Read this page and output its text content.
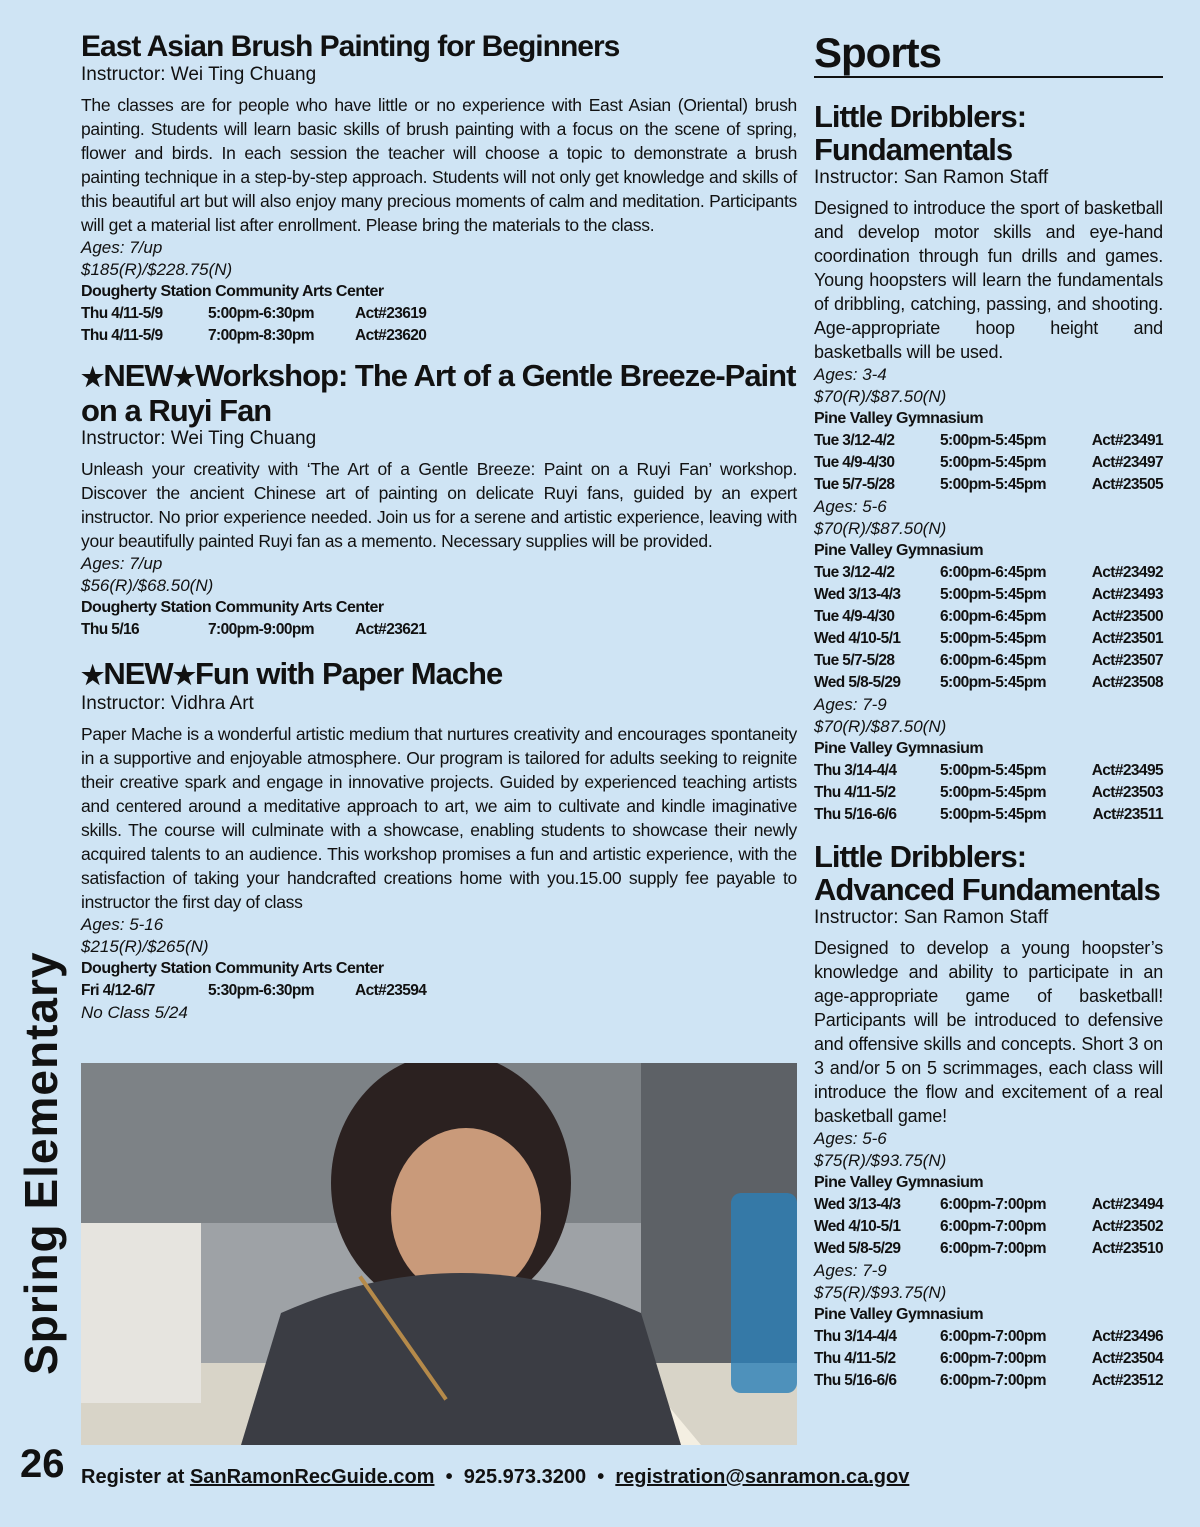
East Asian Brush Painting for Beginners

Instructor: Wei Ting Chuang

The classes are for people who have little or no experience with East Asian (Oriental) brush painting. Students will learn basic skills of brush painting with a focus on the scene of spring, flower and birds. In each session the teacher will choose a topic to demonstrate a brush painting technique in a step-by-step approach. Students will not only get knowledge and skills of this beautiful art but will also enjoy many precious moments of calm and meditation. Participants will get a material list after enrollment. Please bring the materials to the class.

Ages: 7/up

$185(R)/$228.75(N)

Dougherty Station Community Arts Center

Thu 4/11-5/9	5:00pm-6:30pm	Act#23619
Thu 4/11-5/9	7:00pm-8:30pm	Act#23620
★NEW★Workshop: The Art of a Gentle Breeze-Paint on a Ruyi Fan

Instructor: Wei Ting Chuang

Unleash your creativity with ‘The Art of a Gentle Breeze: Paint on a Ruyi Fan’ workshop. Discover the ancient Chinese art of painting on delicate Ruyi fans, guided by an expert instructor. No prior experience needed. Join us for a serene and artistic experience, leaving with your beautifully painted Ruyi fan as a memento. Necessary supplies will be provided.

Ages: 7/up

$56(R)/$68.50(N)

Dougherty Station Community Arts Center

Thu 5/16	7:00pm-9:00pm	Act#23621
★NEW★Fun with Paper Mache

Instructor: Vidhra Art

Paper Mache is a wonderful artistic medium that nurtures creativity and encourages spontaneity in a supportive and enjoyable atmosphere. Our program is tailored for adults seeking to reignite their creative spark and engage in innovative projects. Guided by experienced teaching artists and centered around a meditative approach to art, we aim to cultivate and kindle imaginative skills. The course will culminate with a showcase, enabling students to showcase their newly acquired talents to an audience. This workshop promises a fun and artistic experience, with the satisfaction of taking your handcrafted creations home with you.15.00 supply fee payable to instructor the first day of class

Ages: 5-16

$215(R)/$265(N)

Dougherty Station Community Arts Center

Fri 4/12-6/7	5:30pm-6:30pm	Act#23594

No Class 5/24

Sports
Little Dribblers: Fundamentals

Instructor: San Ramon Staff

Designed to introduce the sport of basketball and develop motor skills and eye-hand coordination through fun drills and games. Young hoopsters will learn the fundamentals of dribbling, catching, passing, and shooting. Age-appropriate hoop height and basketballs will be used.

Ages: 3-4

$70(R)/$87.50(N)

Pine Valley Gymnasium

Tue 3/12-4/2	5:00pm-5:45pm	Act#23491
Tue 4/9-4/30	5:00pm-5:45pm	Act#23497
Tue 5/7-5/28	5:00pm-5:45pm	Act#23505

Ages: 5-6

$70(R)/$87.50(N)

Pine Valley Gymnasium

Tue 3/12-4/2	6:00pm-6:45pm	Act#23492
Wed 3/13-4/3	5:00pm-5:45pm	Act#23493
Tue 4/9-4/30	6:00pm-6:45pm	Act#23500
Wed 4/10-5/1	5:00pm-5:45pm	Act#23501
Tue 5/7-5/28	6:00pm-6:45pm	Act#23507
Wed 5/8-5/29	5:00pm-5:45pm	Act#23508

Ages: 7-9

$70(R)/$87.50(N)

Pine Valley Gymnasium

Thu 3/14-4/4	5:00pm-5:45pm	Act#23495
Thu 4/11-5/2	5:00pm-5:45pm	Act#23503
Thu 5/16-6/6	5:00pm-5:45pm	Act#23511
Little Dribblers: Advanced Fundamentals

Instructor: San Ramon Staff

Designed to develop a young hoopster’s knowledge and ability to participate in an age-appropriate game of basketball! Participants will be introduced to defensive and offensive skills and concepts. Short 3 on 3 and/or 5 on 5 scrimmages, each class will introduce the flow and excitement of a real basketball game!

Ages: 5-6

$75(R)/$93.75(N)

Pine Valley Gymnasium

Wed 3/13-4/3	6:00pm-7:00pm	Act#23494
Wed 4/10-5/1	6:00pm-7:00pm	Act#23502
Wed 5/8-5/29	6:00pm-7:00pm	Act#23510

Ages: 7-9

$75(R)/$93.75(N)

Pine Valley Gymnasium

Thu 3/14-4/4	6:00pm-7:00pm	Act#23496
Thu 4/11-5/2	6:00pm-7:00pm	Act#23504
Thu 5/16-6/6	6:00pm-7:00pm	Act#23512
Spring Elementary
26 Register at SanRamonRecGuide.com • 925.973.3200 • registration@sanramon.ca.gov
